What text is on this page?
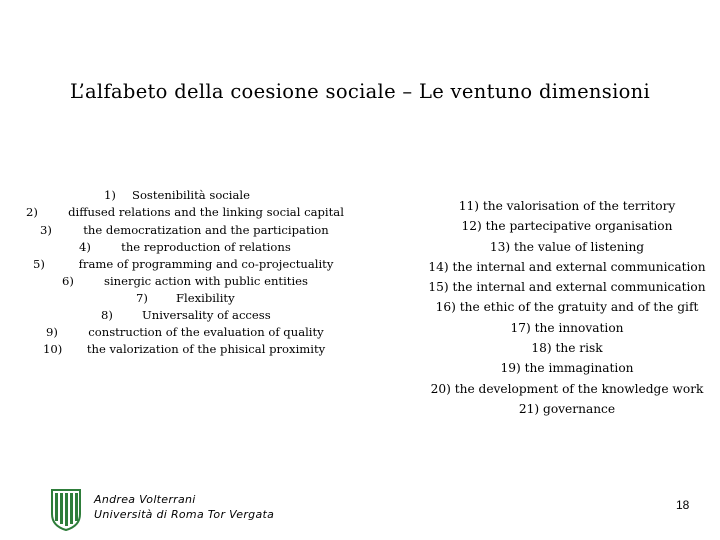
L’alfabeto della coesione sociale – Le ventuno dimensioni
1) Sostenibilità sociale
2)	diffused relations and the linking social capital
3)	the democratization and the participation
4)	the reproduction of relations
5)	frame of programming and co-projectuality
6)	sinergic action with public entities
7) Flexibility
8)	Universality of access
9)	construction of the evaluation of quality
10) the valorization of the phisical proximity
11) the valorisation of the territory
12) the partecipative organisation
13) the value of listening
14) the internal and external communication
15) the internal and external communication
16) the ethic of the gratuity and of the gift
17) the innovation
18) the risk
19) the immagination
20) the development of the knowledge work
21) governance
Andrea Volterrani
Università di Roma Tor Vergata
18
